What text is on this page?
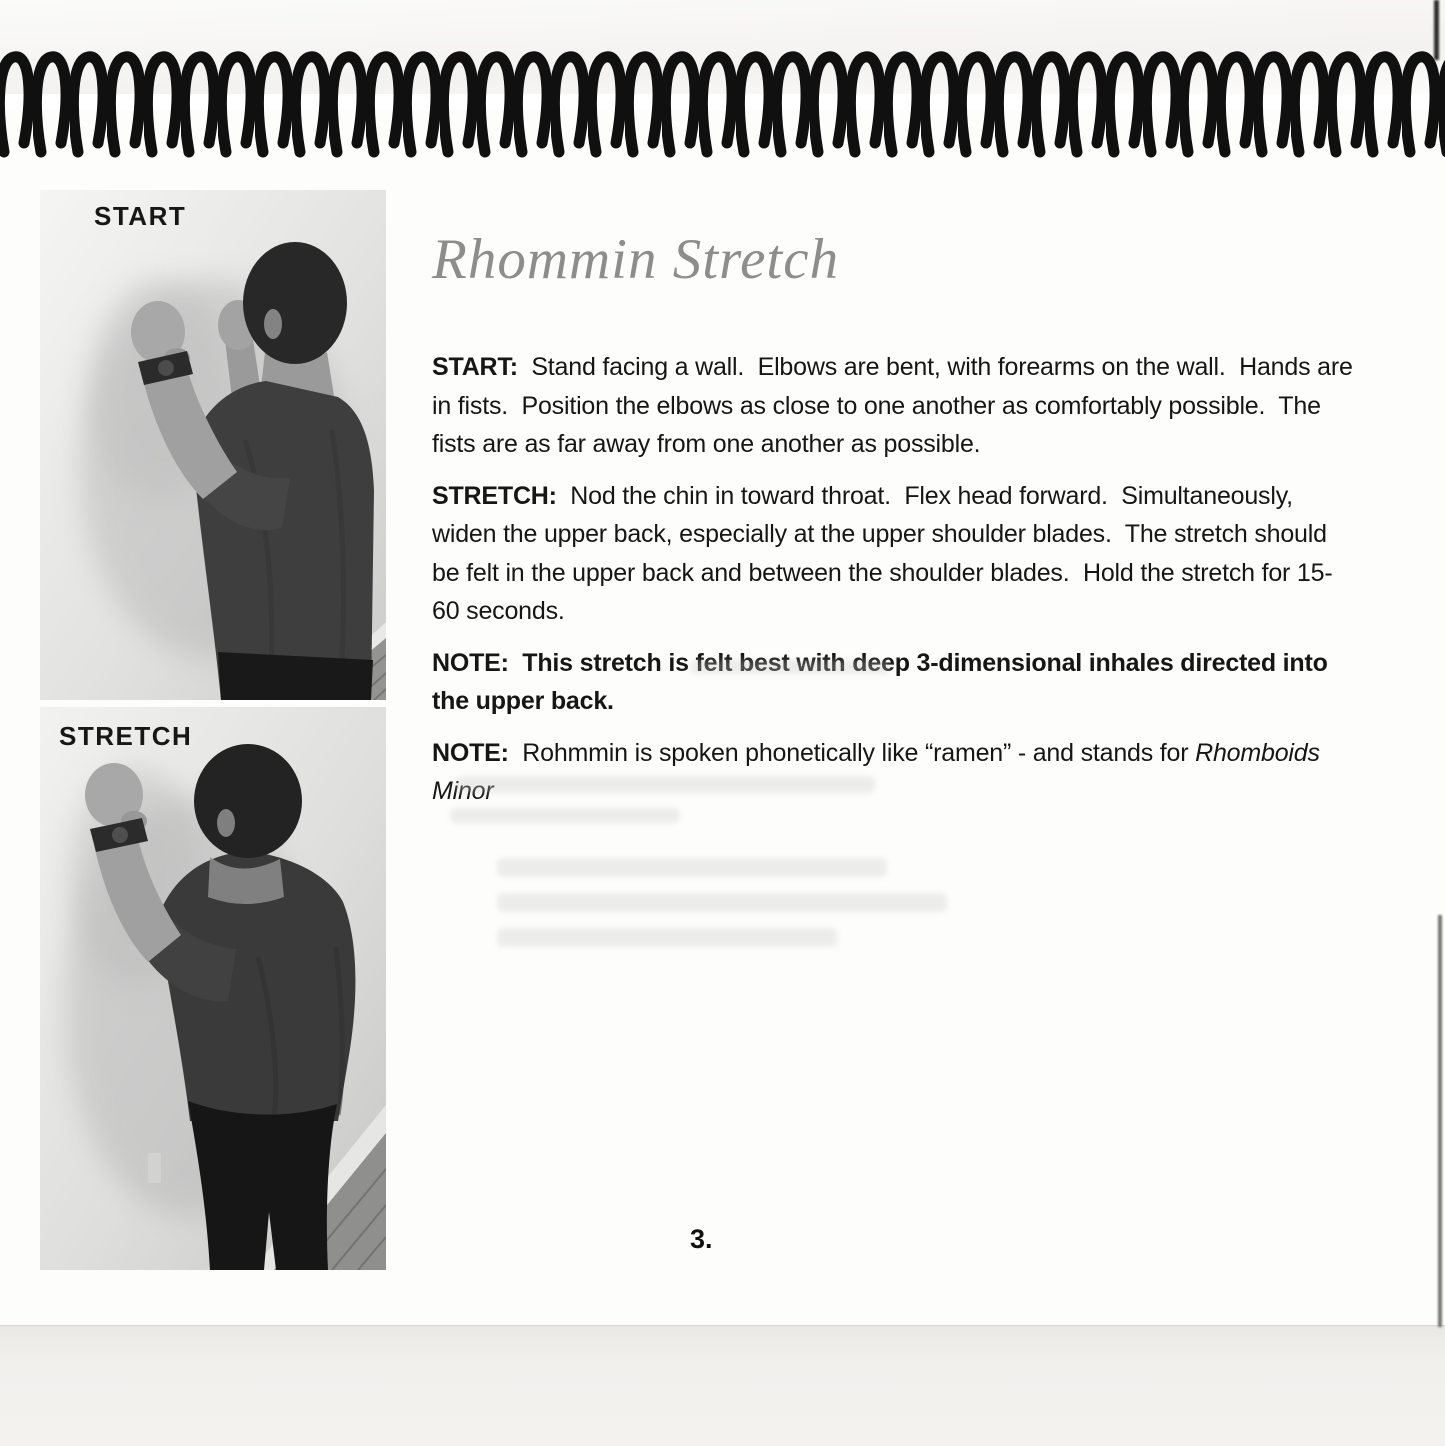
START
STRETCH
Rhommin Stretch

START:  Stand facing a wall.  Elbows are bent, with forearms on the wall.  Hands are in fists.  Position the elbows as close to one another as comfortably possible.  The fists are as far away from one another as possible.

STRETCH:  Nod the chin in toward throat.  Flex head forward.  Simultaneously, widen the upper back, especially at the upper shoulder blades.  The stretch should be felt in the upper back and between the shoulder blades.  Hold the stretch for 15-60 seconds.

NOTE:  This stretch is felt best with deep 3-dimensional inhales directed into the upper back.

NOTE:  Rohmmin is spoken phonetically like “ramen” - and stands for Rhomboids Minor

3.
